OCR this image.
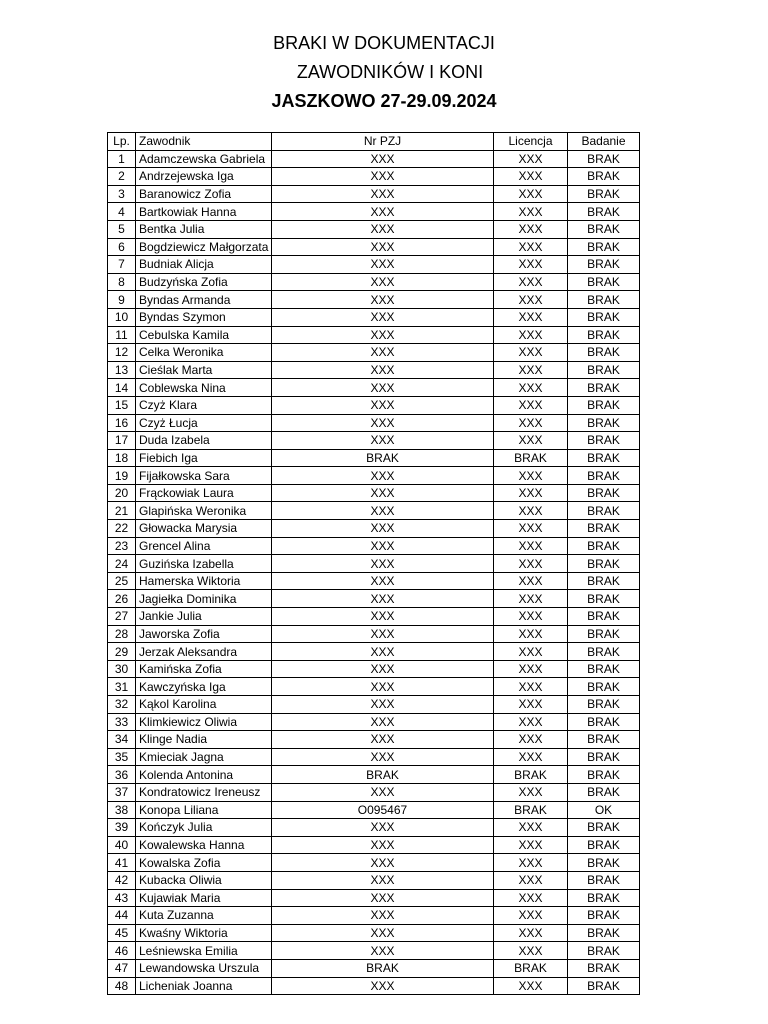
BRAKI W DOKUMENTACJI
ZAWODNIKÓW I KONI
JASZKOWO 27-29.09.2024
Lp.	Zawodnik	Nr PZJ	Licencja	Badanie
1	Adamczewska Gabriela	XXX	XXX	BRAK
2	Andrzejewska Iga	XXX	XXX	BRAK
3	Baranowicz Zofia	XXX	XXX	BRAK
4	Bartkowiak Hanna	XXX	XXX	BRAK
5	Bentka Julia	XXX	XXX	BRAK
6	Bogdziewicz Małgorzata	XXX	XXX	BRAK
7	Budniak Alicja	XXX	XXX	BRAK
8	Budzyńska Zofia	XXX	XXX	BRAK
9	Byndas Armanda	XXX	XXX	BRAK
10	Byndas Szymon	XXX	XXX	BRAK
11	Cebulska Kamila	XXX	XXX	BRAK
12	Celka Weronika	XXX	XXX	BRAK
13	Cieślak Marta	XXX	XXX	BRAK
14	Coblewska Nina	XXX	XXX	BRAK
15	Czyż Klara	XXX	XXX	BRAK
16	Czyż Łucja	XXX	XXX	BRAK
17	Duda Izabela	XXX	XXX	BRAK
18	Fiebich Iga	BRAK	BRAK	BRAK
19	Fijałkowska Sara	XXX	XXX	BRAK
20	Frąckowiak Laura	XXX	XXX	BRAK
21	Glapińska Weronika	XXX	XXX	BRAK
22	Głowacka Marysia	XXX	XXX	BRAK
23	Grencel Alina	XXX	XXX	BRAK
24	Guzińska Izabella	XXX	XXX	BRAK
25	Hamerska Wiktoria	XXX	XXX	BRAK
26	Jagiełka Dominika	XXX	XXX	BRAK
27	Jankie Julia	XXX	XXX	BRAK
28	Jaworska Zofia	XXX	XXX	BRAK
29	Jerzak Aleksandra	XXX	XXX	BRAK
30	Kamińska Zofia	XXX	XXX	BRAK
31	Kawczyńska Iga	XXX	XXX	BRAK
32	Kąkol Karolina	XXX	XXX	BRAK
33	Klimkiewicz Oliwia	XXX	XXX	BRAK
34	Klinge Nadia	XXX	XXX	BRAK
35	Kmieciak Jagna	XXX	XXX	BRAK
36	Kolenda Antonina	BRAK	BRAK	BRAK
37	Kondratowicz Ireneusz	XXX	XXX	BRAK
38	Konopa Liliana	O095467	BRAK	OK
39	Kończyk Julia	XXX	XXX	BRAK
40	Kowalewska Hanna	XXX	XXX	BRAK
41	Kowalska Zofia	XXX	XXX	BRAK
42	Kubacka Oliwia	XXX	XXX	BRAK
43	Kujawiak Maria	XXX	XXX	BRAK
44	Kuta Zuzanna	XXX	XXX	BRAK
45	Kwaśny Wiktoria	XXX	XXX	BRAK
46	Leśniewska Emilia	XXX	XXX	BRAK
47	Lewandowska Urszula	BRAK	BRAK	BRAK
48	Licheniak Joanna	XXX	XXX	BRAK
